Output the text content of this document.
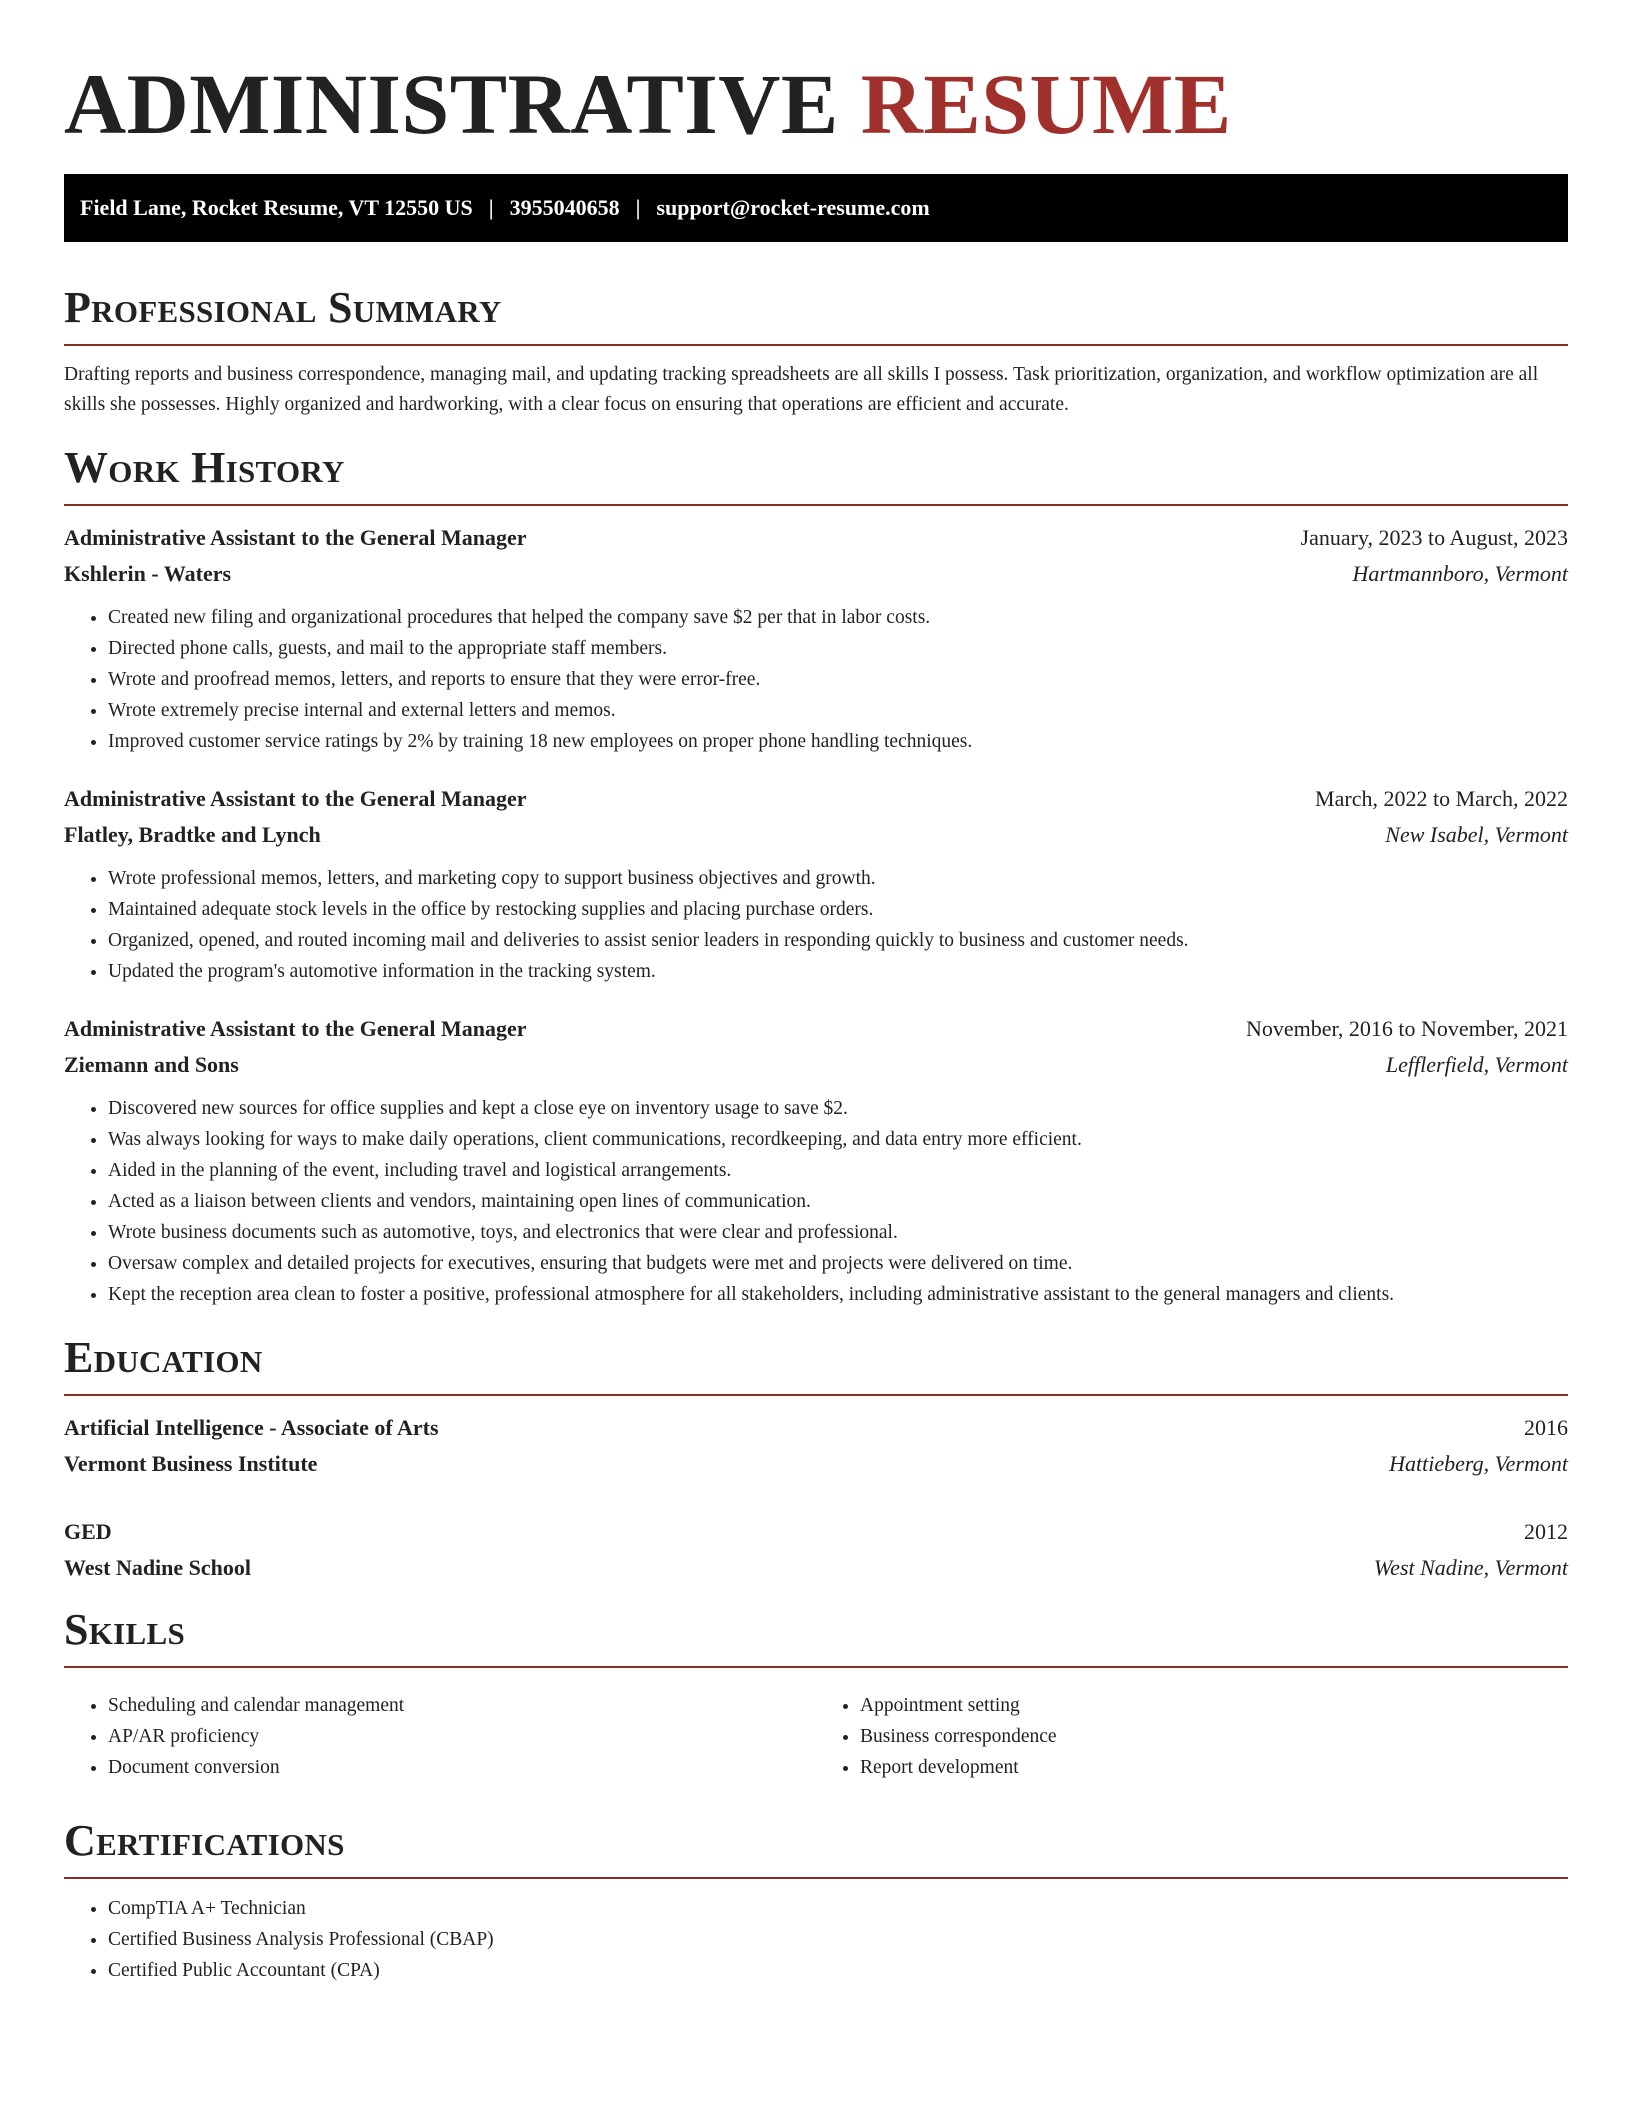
ADMINISTRATIVE RESUME
Field Lane, Rocket Resume, VT 12550 US | 3955040658 | support@rocket-resume.com
Professional Summary

Drafting reports and business correspondence, managing mail, and updating tracking spreadsheets are all skills I possess. Task prioritization, organization, and workflow optimization are all skills she possesses. Highly organized and hardworking, with a clear focus on ensuring that operations are efficient and accurate.

Work History
Administrative Assistant to the General Manager	January, 2023 to August, 2023
Kshlerin - Waters	Hartmannboro, Vermont
• Created new filing and organizational procedures that helped the company save $2 per that in labor costs.
• Directed phone calls, guests, and mail to the appropriate staff members.
• Wrote and proofread memos, letters, and reports to ensure that they were error-free.
• Wrote extremely precise internal and external letters and memos.
• Improved customer service ratings by 2% by training 18 new employees on proper phone handling techniques.
Administrative Assistant to the General Manager	March, 2022 to March, 2022
Flatley, Bradtke and Lynch	New Isabel, Vermont
• Wrote professional memos, letters, and marketing copy to support business objectives and growth.
• Maintained adequate stock levels in the office by restocking supplies and placing purchase orders.
• Organized, opened, and routed incoming mail and deliveries to assist senior leaders in responding quickly to business and customer needs.
• Updated the program's automotive information in the tracking system.
Administrative Assistant to the General Manager	November, 2016 to November, 2021
Ziemann and Sons	Lefflerfield, Vermont
• Discovered new sources for office supplies and kept a close eye on inventory usage to save $2.
• Was always looking for ways to make daily operations, client communications, recordkeeping, and data entry more efficient.
• Aided in the planning of the event, including travel and logistical arrangements.
• Acted as a liaison between clients and vendors, maintaining open lines of communication.
• Wrote business documents such as automotive, toys, and electronics that were clear and professional.
• Oversaw complex and detailed projects for executives, ensuring that budgets were met and projects were delivered on time.
• Kept the reception area clean to foster a positive, professional atmosphere for all stakeholders, including administrative assistant to the general managers and clients.
Education
Artificial Intelligence - Associate of Arts	2016
Vermont Business Institute	Hattieberg, Vermont
GED	2012
West Nadine School	West Nadine, Vermont
Skills
• Scheduling and calendar management
• AP/AR proficiency
• Document conversion
• Appointment setting
• Business correspondence
• Report development
Certifications
• CompTIA A+ Technician
• Certified Business Analysis Professional (CBAP)
• Certified Public Accountant (CPA)
